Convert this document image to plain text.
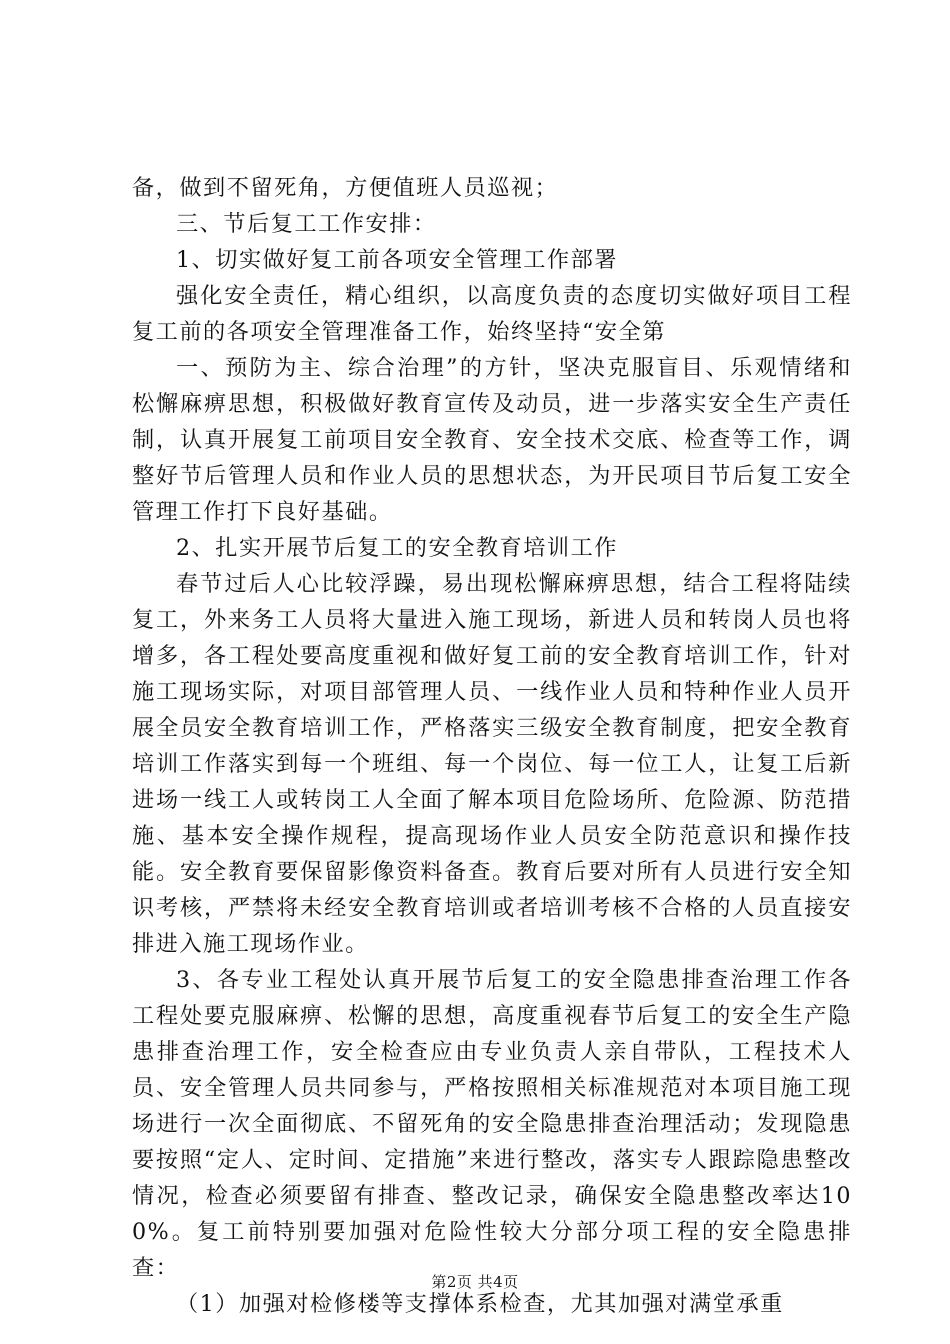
备，做到不留死角，方便值班人员巡视；

三、节后复工工作安排：

1、切实做好复工前各项安全管理工作部署

强化安全责任，精心组织，以高度负责的态度切实做好项目工程复工前的各项安全管理准备工作，始终坚持“安全第

一、预防为主、综合治理”的方针，坚决克服盲目、乐观情绪和松懈麻痹思想，积极做好教育宣传及动员，进一步落实安全生产责任制，认真开展复工前项目安全教育、安全技术交底、检查等工作，调整好节后管理人员和作业人员的思想状态，为开民项目节后复工安全管理工作打下良好基础。

2、扎实开展节后复工的安全教育培训工作

春节过后人心比较浮躁，易出现松懈麻痹思想，结合工程将陆续复工，外来务工人员将大量进入施工现场，新进人员和转岗人员也将增多，各工程处要高度重视和做好复工前的安全教育培训工作，针对施工现场实际，对项目部管理人员、一线作业人员和特种作业人员开展全员安全教育培训工作，严格落实三级安全教育制度，把安全教育培训工作落实到每一个班组、每一个岗位、每一位工人，让复工后新进场一线工人或转岗工人全面了解本项目危险场所、危险源、防范措施、基本安全操作规程，提高现场作业人员安全防范意识和操作技能。安全教育要保留影像资料备查。教育后要对所有人员进行安全知识考核，严禁将未经安全教育培训或者培训考核不合格的人员直接安排进入施工现场作业。

3、各专业工程处认真开展节后复工的安全隐患排查治理工作各工程处要克服麻痹、松懈的思想，高度重视春节后复工的安全生产隐患排查治理工作，安全检查应由专业负责人亲自带队，工程技术人员、安全管理人员共同参与，严格按照相关标准规范对本项目施工现场进行一次全面彻底、不留死角的安全隐患排查治理活动；发现隐患要按照“定人、定时间、定措施”来进行整改，落实专人跟踪隐患整改情况，检查必须要留有排查、整改记录，确保安全隐患整改率达100%。复工前特别要加强对危险性较大分部分项工程的安全隐患排查：

（1）加强对检修楼等支撑体系检查，尤其加强对满堂承重

第2页 共4页
